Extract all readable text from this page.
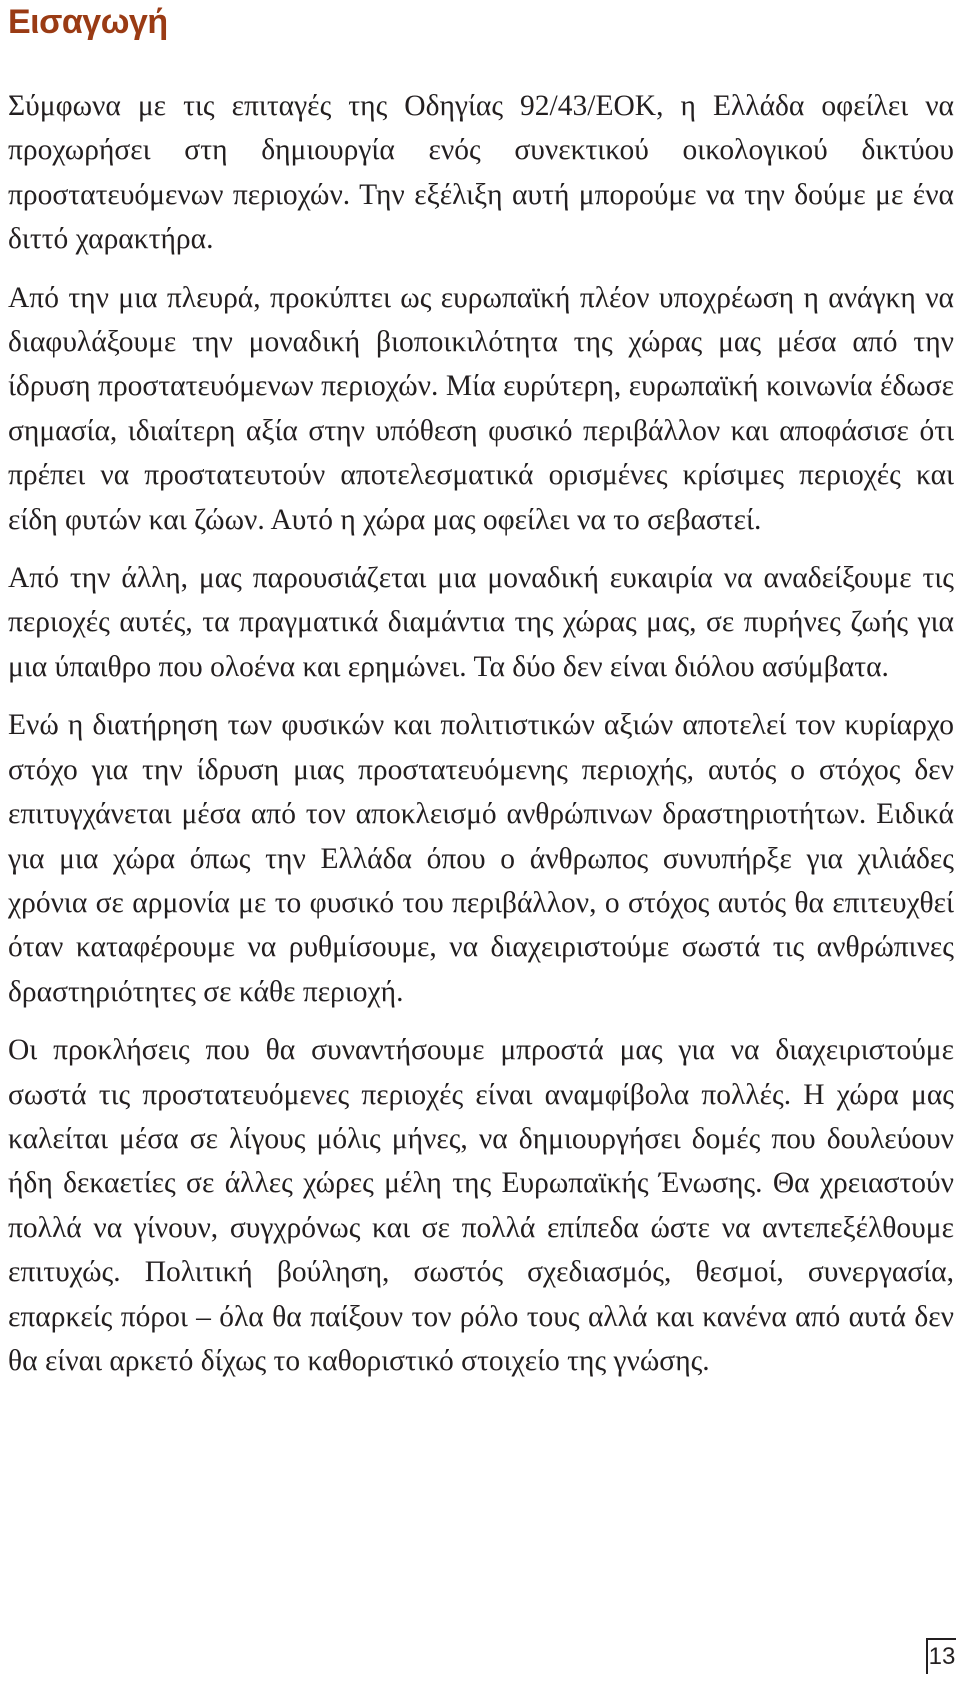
Εισαγωγή

Σύμφωνα με τις επιταγές της Οδηγίας 92/43/ΕΟΚ, η Ελλάδα οφείλει να προχωρήσει στη δημιουργία ενός συνεκτικού οικολογικού δικτύου προστατευόμενων περιοχών. Την εξέλιξη αυτή μπορούμε να την δούμε με ένα διττό χαρακτήρα.

Από την μια πλευρά, προκύπτει ως ευρωπαϊκή πλέον υποχρέωση η ανάγκη να διαφυλάξουμε την μοναδική βιοποικιλότητα της χώρας μας μέσα από την ίδρυση προστατευόμενων περιοχών. Μία ευρύτερη, ευρωπαϊκή κοινωνία έδωσε σημασία, ιδιαίτερη αξία στην υπόθεση φυσικό περιβάλλον και αποφάσισε ότι πρέπει να προστατευτούν αποτελεσματικά ορισμένες κρίσιμες περιοχές και είδη φυτών και ζώων. Αυτό η χώρα μας οφείλει να το σεβαστεί.

Από την άλλη, μας παρουσιάζεται μια μοναδική ευκαιρία να αναδείξουμε τις περιοχές αυτές, τα πραγματικά διαμάντια της χώρας μας, σε πυρήνες ζωής για μια ύπαιθρο που ολοένα και ερημώνει. Τα δύο δεν είναι διόλου ασύμβατα.

Ενώ η διατήρηση των φυσικών και πολιτιστικών αξιών αποτελεί τον κυρίαρχο στόχο για την ίδρυση μιας προστατευόμενης περιοχής, αυτός ο στόχος δεν επιτυγχάνεται μέσα από τον αποκλεισμό ανθρώπινων δραστηριοτήτων. Ειδικά για μια χώρα όπως την Ελλάδα όπου ο άνθρωπος συνυπήρξε για χιλιάδες χρόνια σε αρμονία με το φυσικό του περιβάλλον, ο στόχος αυτός θα επιτευχθεί όταν καταφέρουμε να ρυθμίσουμε, να διαχειριστούμε σωστά τις ανθρώπινες δραστηριότητες σε κάθε περιοχή.

Οι προκλήσεις που θα συναντήσουμε μπροστά μας για να διαχειριστούμε σωστά τις προστατευόμενες περιοχές είναι αναμφίβολα πολλές. Η χώρα μας καλείται μέσα σε λίγους μόλις μήνες, να δημιουργήσει δομές που δουλεύουν ήδη δεκαετίες σε άλλες χώρες μέλη της Ευρωπαϊκής Ένωσης. Θα χρειαστούν πολλά να γίνουν, συγχρόνως και σε πολλά επίπεδα ώστε να αντεπεξέλθουμε επιτυχώς. Πολιτική βούληση, σωστός σχεδιασμός, θεσμοί, συνεργασία, επαρκείς πόροι – όλα θα παίξουν τον ρόλο τους αλλά και κανένα από αυτά δεν θα είναι αρκετό δίχως το καθοριστικό στοιχείο της γνώσης.

13
